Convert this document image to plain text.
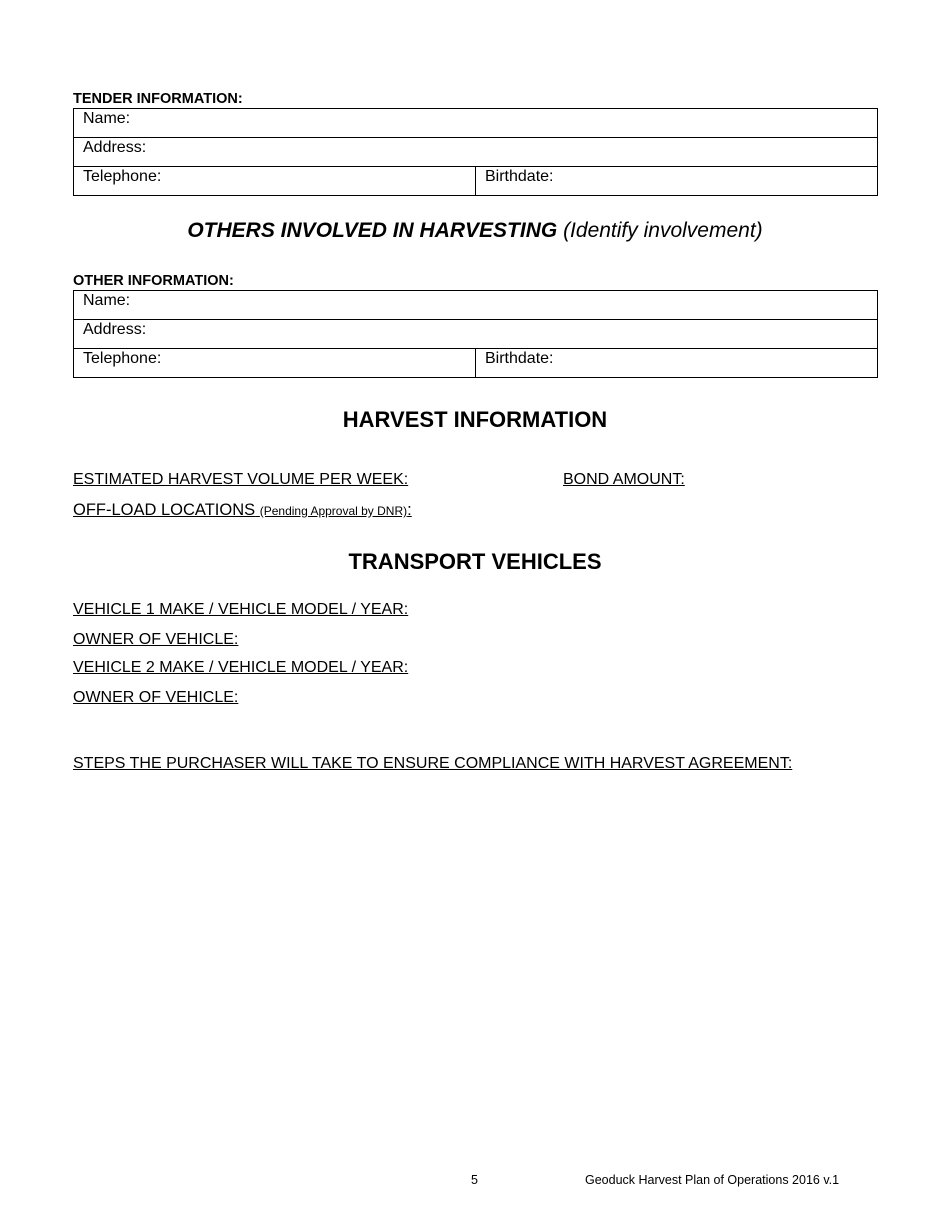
TENDER INFORMATION:
Name:
Address:
Telephone:	Birthdate:
OTHERS INVOLVED IN HARVESTING (Identify involvement)
OTHER INFORMATION:
Name:
Address:
Telephone:	Birthdate:
HARVEST INFORMATION
ESTIMATED HARVEST VOLUME PER WEEK:	BOND AMOUNT:
OFF-LOAD LOCATIONS (Pending Approval by DNR):
TRANSPORT VEHICLES
VEHICLE 1 MAKE / VEHICLE MODEL / YEAR:
OWNER OF VEHICLE:
VEHICLE 2 MAKE / VEHICLE MODEL / YEAR:
OWNER OF VEHICLE:
STEPS THE PURCHASER WILL TAKE TO ENSURE COMPLIANCE WITH HARVEST AGREEMENT:
5	Geoduck Harvest Plan of Operations 2016 v.1
